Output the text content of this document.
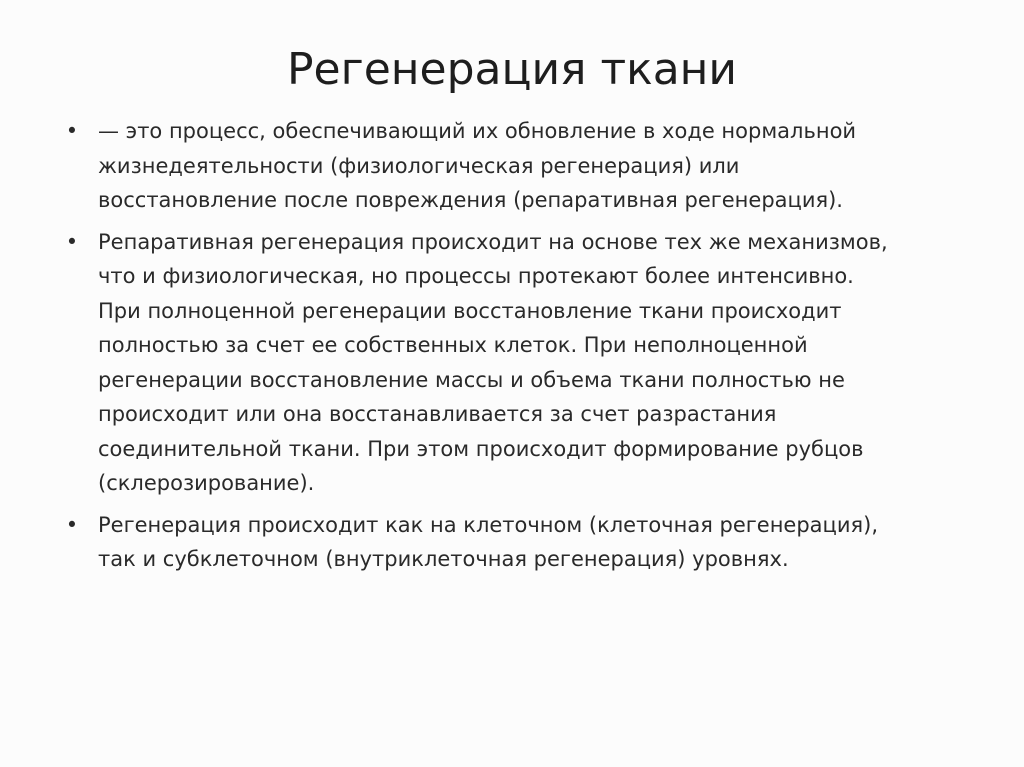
Регенерация ткани
• — это процесс, обеспечивающий их обновление в ходе нормальной
жизнедеятельности (физиологическая регенерация) или
восстановление после повреждения (репаративная регенерация).
• Репаративная регенерация происходит на основе тех же механизмов,
что и физиологическая, но процессы протекают более интенсивно.
При полноценной регенерации восстановление ткани происходит
полностью за счет ее собственных клеток. При неполноценной
регенерации восстановление массы и объема ткани полностью не
происходит или она восстанавливается за счет разрастания
соединительной ткани. При этом происходит формирование рубцов
(склерозирование).
• Регенерация происходит как на клеточном (клеточная регенерация),
так и субклеточном (внутриклеточная регенерация) уровнях.
